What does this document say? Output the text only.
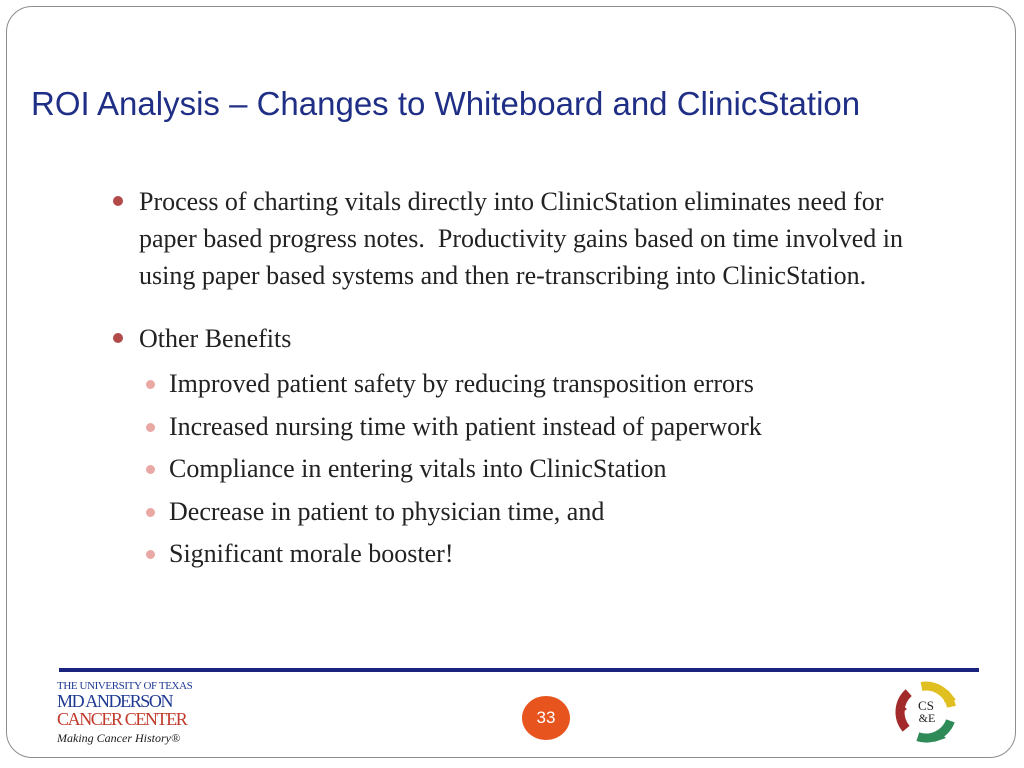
ROI Analysis – Changes to Whiteboard and ClinicStation
Process of charting vitals directly into ClinicStation eliminates need for paper based progress notes.  Productivity gains based on time involved in using paper based systems and then re-transcribing into ClinicStation.
Other Benefits
Improved patient safety by reducing transposition errors
Increased nursing time with patient instead of paperwork
Compliance in entering vitals into ClinicStation
Decrease in patient to physician time, and
Significant morale booster!
THE UNIVERSITY OF TEXAS
MD ANDERSON
CANCER CENTER
Making Cancer History®
33
CS
&E
